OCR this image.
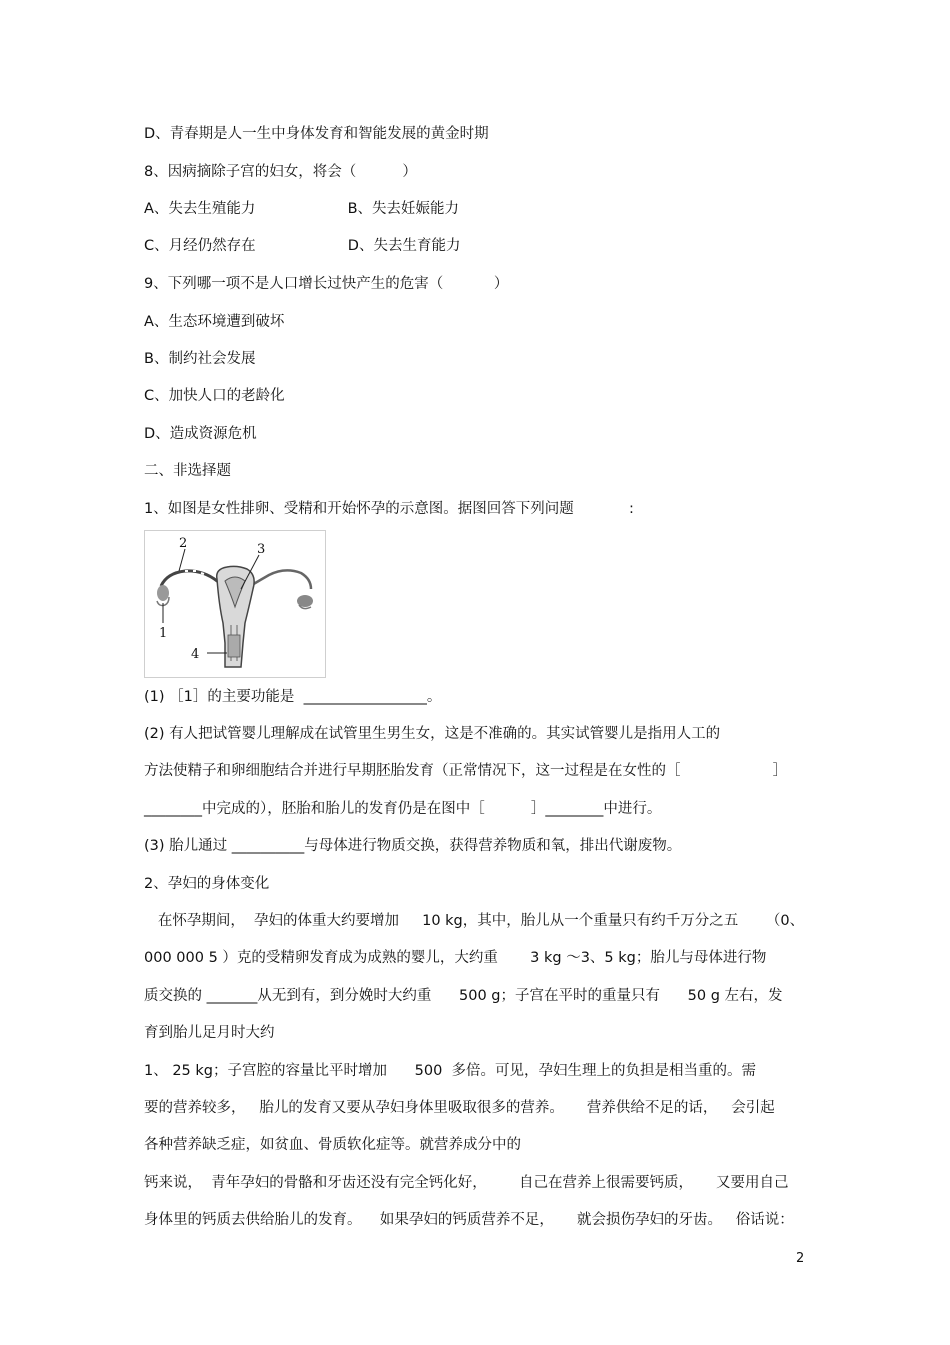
D、青春期是人一生中身体发育和智能发展的黄金时期
8、因病摘除子宫的妇女，将会（          ）
A、失去生殖能力                    B、失去妊娠能力
C、月经仍然存在                    D、失去生育能力
9、下列哪一项不是人口增长过快产生的危害（           ）
A、生态环境遭到破坏
B、制约社会发展
C、加快人口的老龄化
D、造成资源危机
二、非选择题
1、如图是女性排卵、受精和开始怀孕的示意图。据图回答下列问题            :
1
2	3
4
(1) ［1］的主要功能是  _________________。
(2) 有人把试管婴儿理解成在试管里生男生女，这是不准确的。其实试管婴儿是指用人工的
方法使精子和卵细胞结合并进行早期胚胎发育（正常情况下，这一过程是在女性的［                    ］
________中完成的），胚胎和胎儿的发育仍是在图中［          ］________中进行。
(3) 胎儿通过 __________与母体进行物质交换，获得营养物质和氧，排出代谢废物。
2、孕妇的身体变化
在怀孕期间，  孕妇的体重大约要增加     10 kg，其中，胎儿从一个重量只有约千万分之五      （0、
000 000 5 ）克的受精卵发育成为成熟的婴儿，大约重       3 kg ～3、5 kg；胎儿与母体进行物
质交换的 _______从无到有，到分娩时大约重      500 g；子宫在平时的重量只有      50 g 左右，发
育到胎儿足月时大约
1、 25 kg；子宫腔的容量比平时增加      500  多倍。可见，孕妇生理上的负担是相当重的。需
要的营养较多，   胎儿的发育又要从孕妇身体里吸取很多的营养。     营养供给不足的话，   会引起
各种营养缺乏症，如贫血、骨质软化症等。就营养成分中的
钙来说，  青年孕妇的骨骼和牙齿还没有完全钙化好，       自己在营养上很需要钙质，     又要用自己
身体里的钙质去供给胎儿的发育。    如果孕妇的钙质营养不足，     就会损伤孕妇的牙齿。   俗话说：
2
